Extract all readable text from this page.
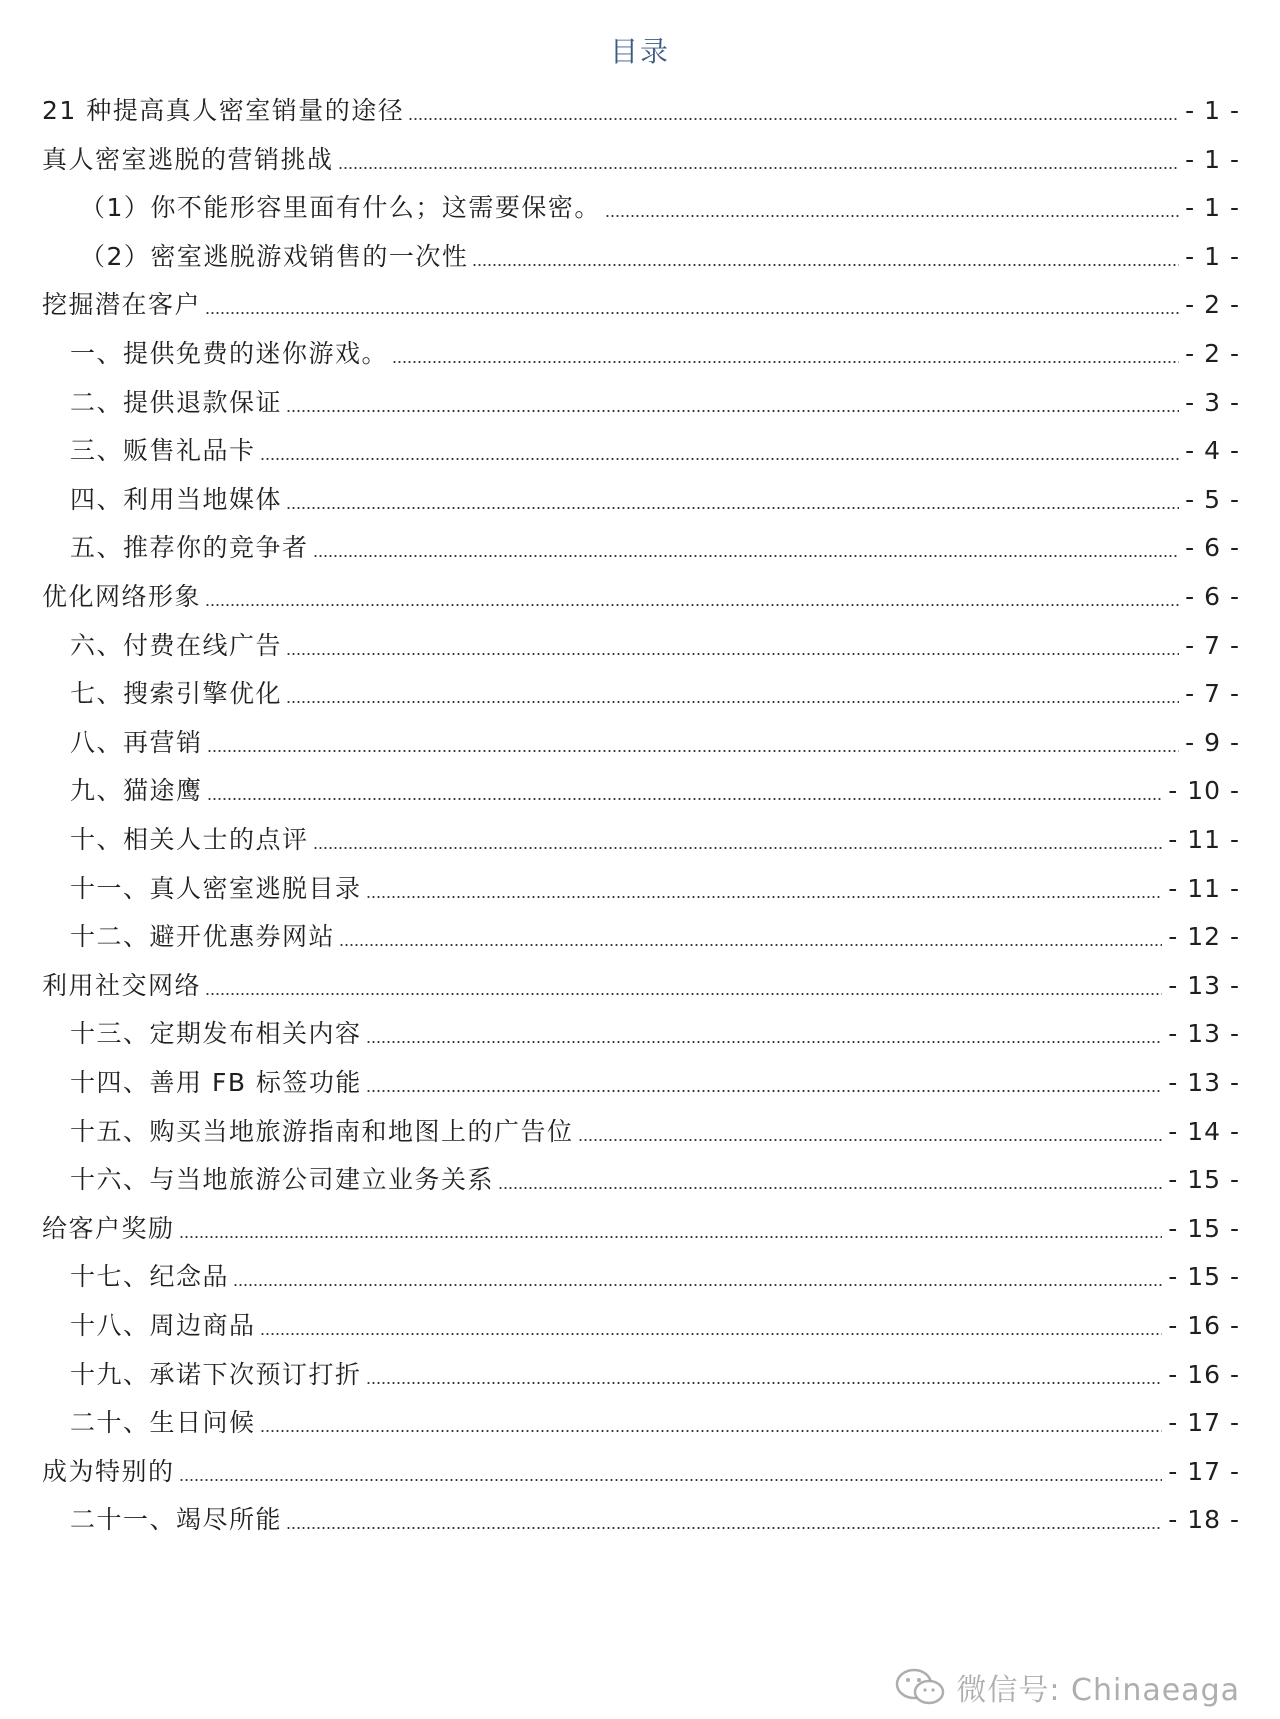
目录
21 种提高真人密室销量的途径	- 1 -
真人密室逃脱的营销挑战	- 1 -
（1）你不能形容里面有什么；这需要保密。	- 1 -
（2）密室逃脱游戏销售的一次性	- 1 -
挖掘潜在客户	- 2 -
一、提供免费的迷你游戏。	- 2 -
二、提供退款保证	- 3 -
三、贩售礼品卡	- 4 -
四、利用当地媒体	- 5 -
五、推荐你的竞争者	- 6 -
优化网络形象	- 6 -
六、付费在线广告	- 7 -
七、搜索引擎优化	- 7 -
八、再营销	- 9 -
九、猫途鹰	- 10 -
十、相关人士的点评	- 11 -
十一、真人密室逃脱目录	- 11 -
十二、避开优惠券网站	- 12 -
利用社交网络	- 13 -
十三、定期发布相关内容	- 13 -
十四、善用 FB 标签功能	- 13 -
十五、购买当地旅游指南和地图上的广告位	- 14 -
十六、与当地旅游公司建立业务关系	- 15 -
给客户奖励	- 15 -
十七、纪念品	- 15 -
十八、周边商品	- 16 -
十九、承诺下次预订打折	- 16 -
二十、生日问候	- 17 -
成为特别的	- 17 -
二十一、竭尽所能	- 18 -
微信号: Chinaeaga
